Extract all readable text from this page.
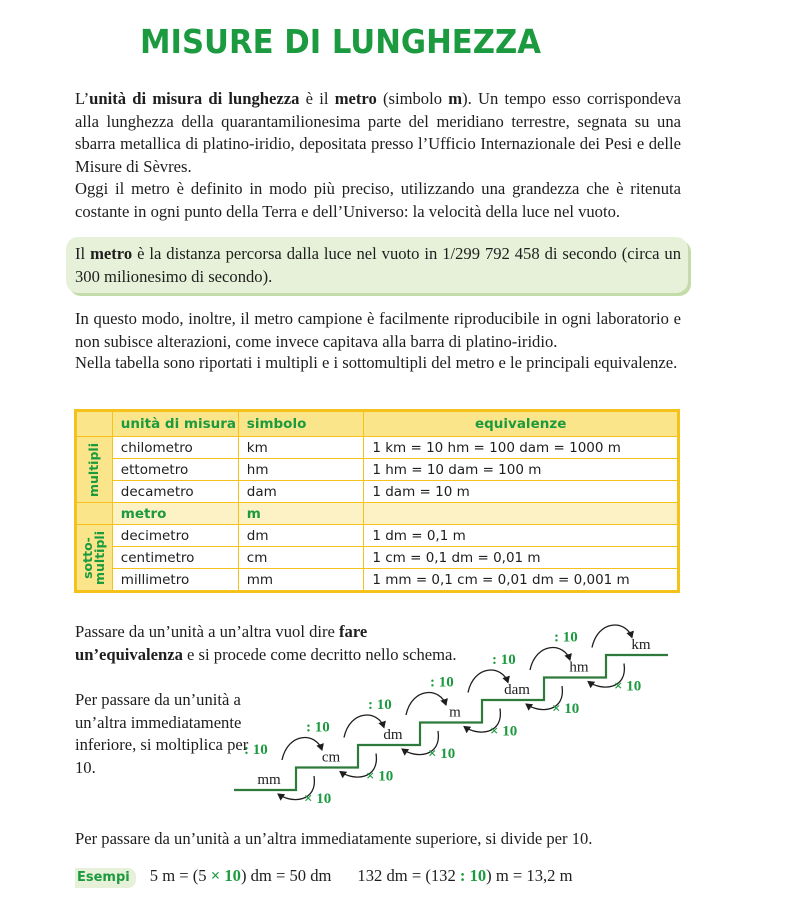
MISURE DI LUNGHEZZA

L’unità di misura di lunghezza è il metro (simbolo m). Un tempo esso corrispondeva alla lunghezza della quarantamilionesima parte del meridiano terrestre, segnata su una sbarra metallica di platino-iridio, depositata presso l’Ufficio Internazionale dei Pesi e delle Misure di Sèvres.

Oggi il metro è definito in modo più preciso, utilizzando una grandezza che è ritenuta costante in ogni punto della Terra e dell’Universo: la velocità della luce nel vuoto.

Il metro è la distanza percorsa dalla luce nel vuoto in 1/299 792 458 di secondo (circa un 300 milionesimo di secondo).

In questo modo, inoltre, il metro campione è facilmente riproducibile in ogni laboratorio e non subisce alterazioni, come invece capitava alla barra di platino-iridio.

Nella tabella sono riportati i multipli e i sottomultipli del metro e le principali equivalenze.

	unità di misura	simbolo	equivalenze

multipli	chilometro	km	1 km = 10 hm = 100 dam = 1000 m
	ettometro	hm	1 hm = 10 dam = 100 m
	decametro	dam	1 dam = 10 m
	metro	m	

sotto-
multipli	decimetro	dm	1 dm = 0,1 m
	centimetro	cm	1 cm = 0,1 dm = 0,01 m
	millimetro	mm	1 mm = 0,1 cm = 0,01 dm = 0,001 m

Passare da un’unità a un’altra vuol dire fare un’equivalenza e si procede come decritto nello schema.

Per passare da un’unità a un’altra immediatamente inferiore, si moltiplica per 10.

mm
: 10
× 10
cm
: 10
× 10
dm
: 10
× 10
m
: 10
× 10
dam
: 10
× 10
hm
: 10
× 10
km

Per passare da un’unità a un’altra immediatamente superiore, si divide per 10.

Esempi	5 m = (5 × 10) dm = 50 dm 132 dm = (132 : 10) m = 13,2 m
